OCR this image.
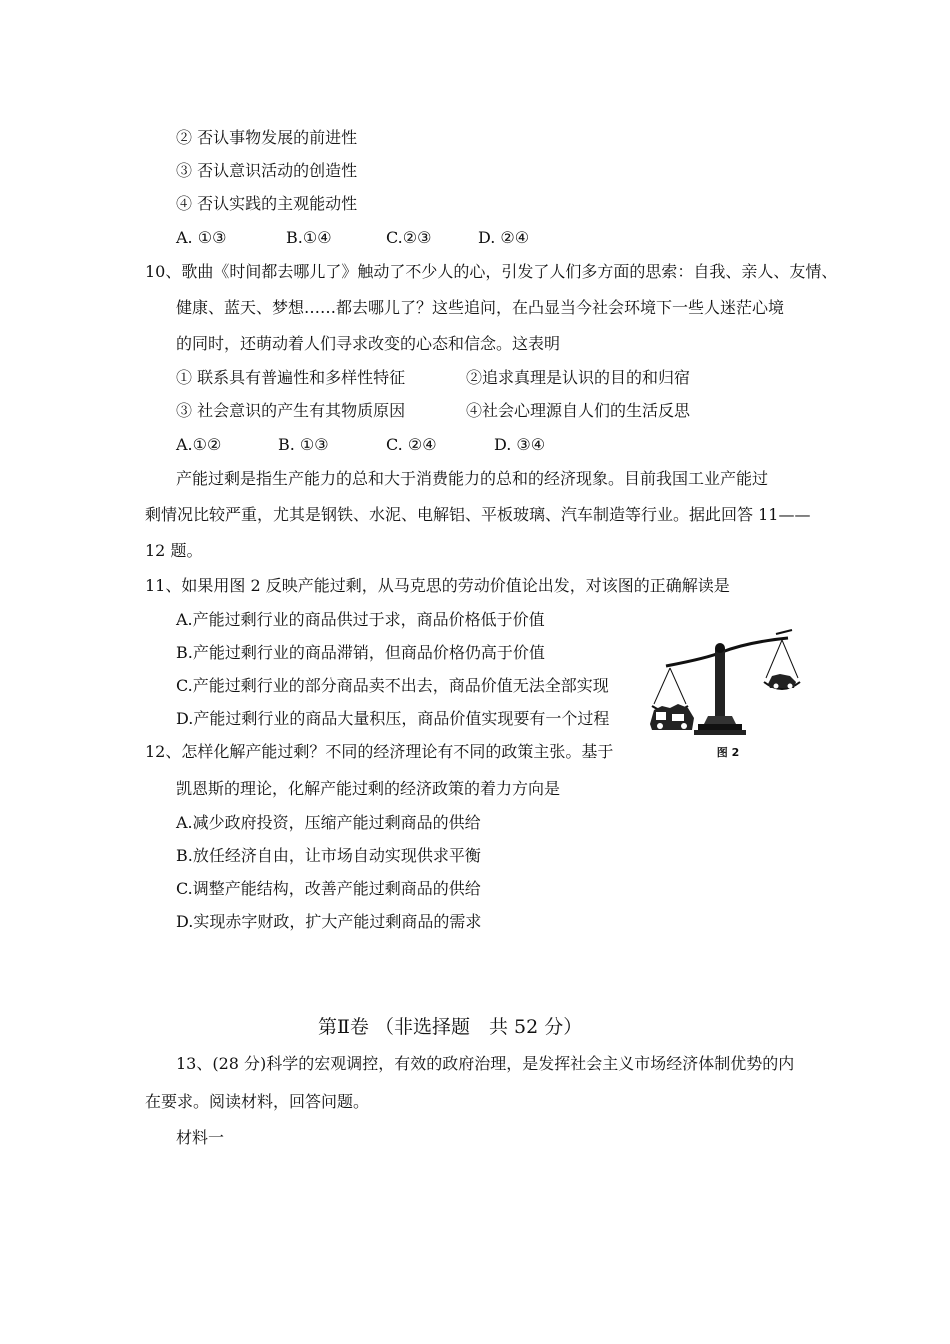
② 否认事物发展的前进性
③ 否认意识活动的创造性
④ 否认实践的主观能动性
A. ①③	B.①④	C.②③	D. ②④
10、歌曲《时间都去哪儿了》触动了不少人的心，引发了人们多方面的思索：自我、亲人、友情、
健康、蓝天、梦想……都去哪儿了？这些追问，在凸显当今社会环境下一些人迷茫心境
的同时，还萌动着人们寻求改变的心态和信念。这表明
① 联系具有普遍性和多样性特征	②追求真理是认识的目的和归宿
③ 社会意识的产生有其物质原因	④社会心理源自人们的生活反思
A.①②	B. ①③	C. ②④	D. ③④
产能过剩是指生产能力的总和大于消费能力的总和的经济现象。目前我国工业产能过
剩情况比较严重，尤其是钢铁、水泥、电解铝、平板玻璃、汽车制造等行业。据此回答 11——
12 题。
11、如果用图 2 反映产能过剩，从马克思的劳动价值论出发，对该图的正确解读是
A.产能过剩行业的商品供过于求，商品价格低于价值
B.产能过剩行业的商品滞销，但商品价格仍高于价值
C.产能过剩行业的部分商品卖不出去，商品价值无法全部实现
D.产能过剩行业的商品大量积压，商品价值实现要有一个过程
图 2
12、怎样化解产能过剩？不同的经济理论有不同的政策主张。基于
凯恩斯的理论，化解产能过剩的经济政策的着力方向是
A.减少政府投资，压缩产能过剩商品的供给
B.放任经济自由，让市场自动实现供求平衡
C.调整产能结构，改善产能过剩商品的供给
D.实现赤字财政，扩大产能过剩商品的需求
第Ⅱ卷 （非选择题　共 52 分）
13、(28 分)科学的宏观调控，有效的政府治理，是发挥社会主义市场经济体制优势的内
在要求。阅读材料，回答问题。
材料一
